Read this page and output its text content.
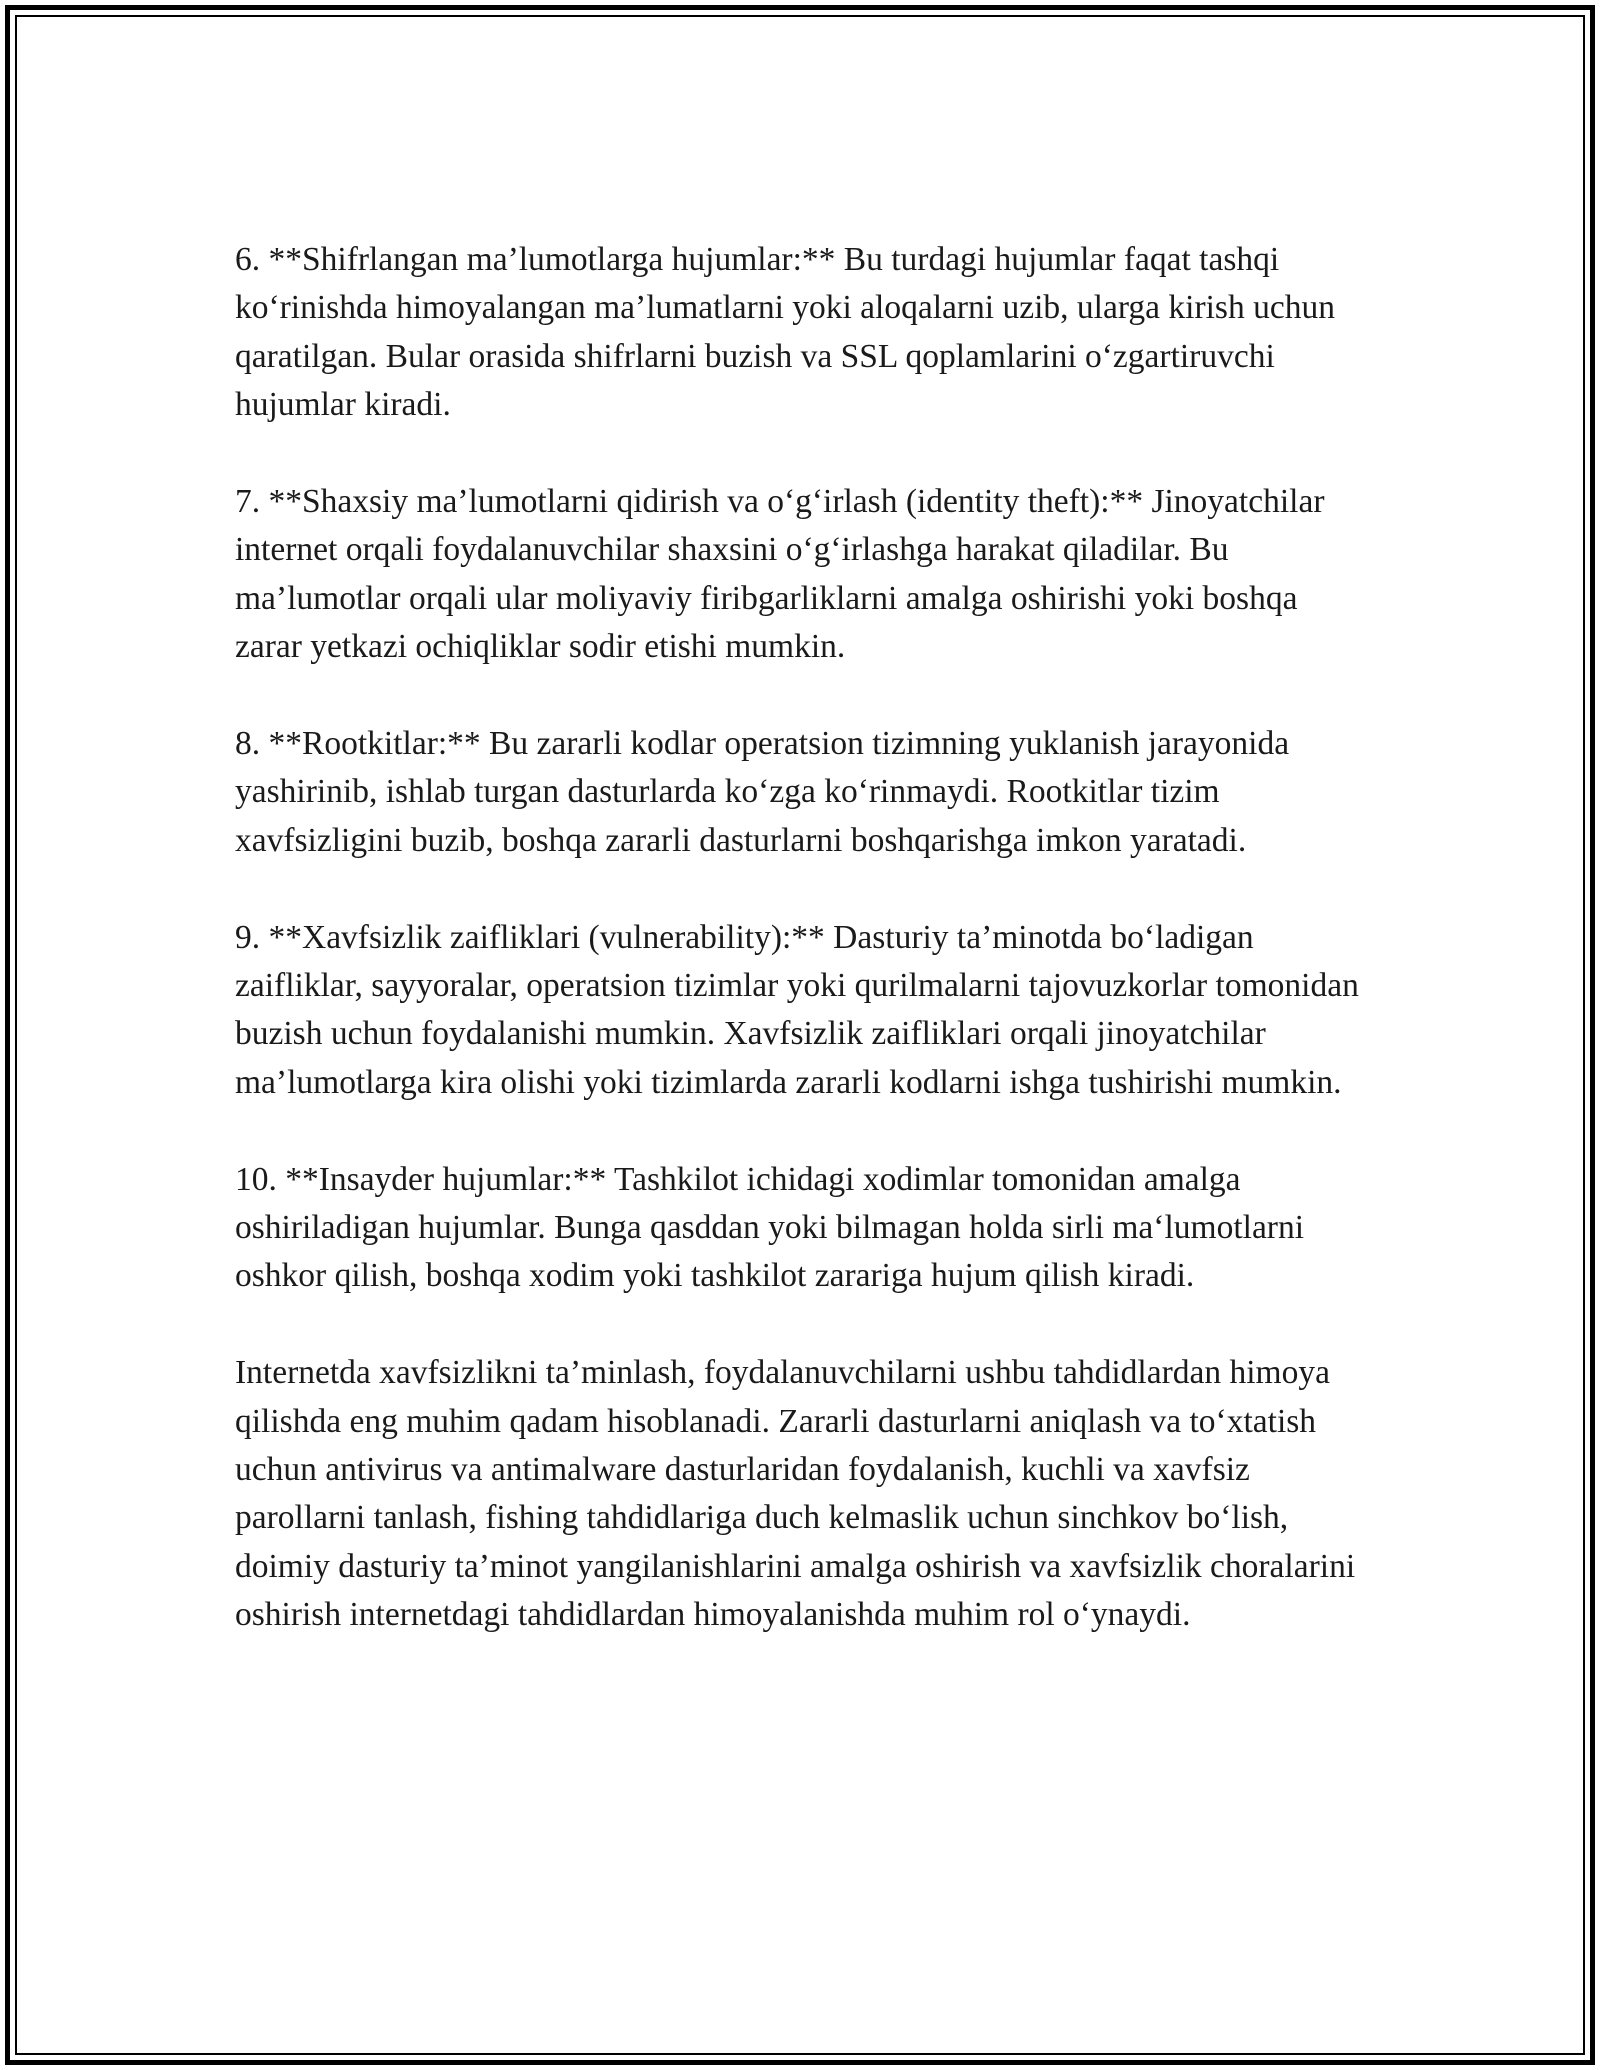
6. **Shifrlangan ma’lumotlarga hujumlar:** Bu turdagi hujumlar faqat tashqi ko‘rinishda himoyalangan ma’lumatlarni yoki aloqalarni uzib, ularga kirish uchun qaratilgan. Bular orasida shifrlarni buzish va SSL qoplamlarini o‘zgartiruvchi hujumlar kiradi.

7. **Shaxsiy ma’lumotlarni qidirish va o‘g‘irlash (identity theft):** Jinoyatchilar internet orqali foydalanuvchilar shaxsini o‘g‘irlashga harakat qiladilar. Bu ma’lumotlar orqali ular moliyaviy firibgarliklarni amalga oshirishi yoki boshqa zarar yetkazi ochiqliklar sodir etishi mumkin.

8. **Rootkitlar:** Bu zararli kodlar operatsion tizimning yuklanish jarayonida yashirinib, ishlab turgan dasturlarda ko‘zga ko‘rinmaydi. Rootkitlar tizim xavfsizligini buzib, boshqa zararli dasturlarni boshqarishga imkon yaratadi.

9. **Xavfsizlik zaifliklari (vulnerability):** Dasturiy ta’minotda bo‘ladigan zaifliklar, sayyoralar, operatsion tizimlar yoki qurilmalarni tajovuzkorlar tomonidan buzish uchun foydalanishi mumkin. Xavfsizlik zaifliklari orqali jinoyatchilar ma’lumotlarga kira olishi yoki tizimlarda zararli kodlarni ishga tushirishi mumkin.

10. **Insayder hujumlar:** Tashkilot ichidagi xodimlar tomonidan amalga oshiriladigan hujumlar. Bunga qasddan yoki bilmagan holda sirli ma‘lumotlarni oshkor qilish, boshqa xodim yoki tashkilot zarariga hujum qilish kiradi.

Internetda xavfsizlikni ta’minlash, foydalanuvchilarni ushbu tahdidlardan himoya qilishda eng muhim qadam hisoblanadi. Zararli dasturlarni aniqlash va to‘xtatish uchun antivirus va antimalware dasturlaridan foydalanish, kuchli va xavfsiz parollarni tanlash, fishing tahdidlariga duch kelmaslik uchun sinchkov bo‘lish, doimiy dasturiy ta’minot yangilanishlarini amalga oshirish va xavfsizlik choralarini oshirish internetdagi tahdidlardan himoyalanishda muhim rol o‘ynaydi.
